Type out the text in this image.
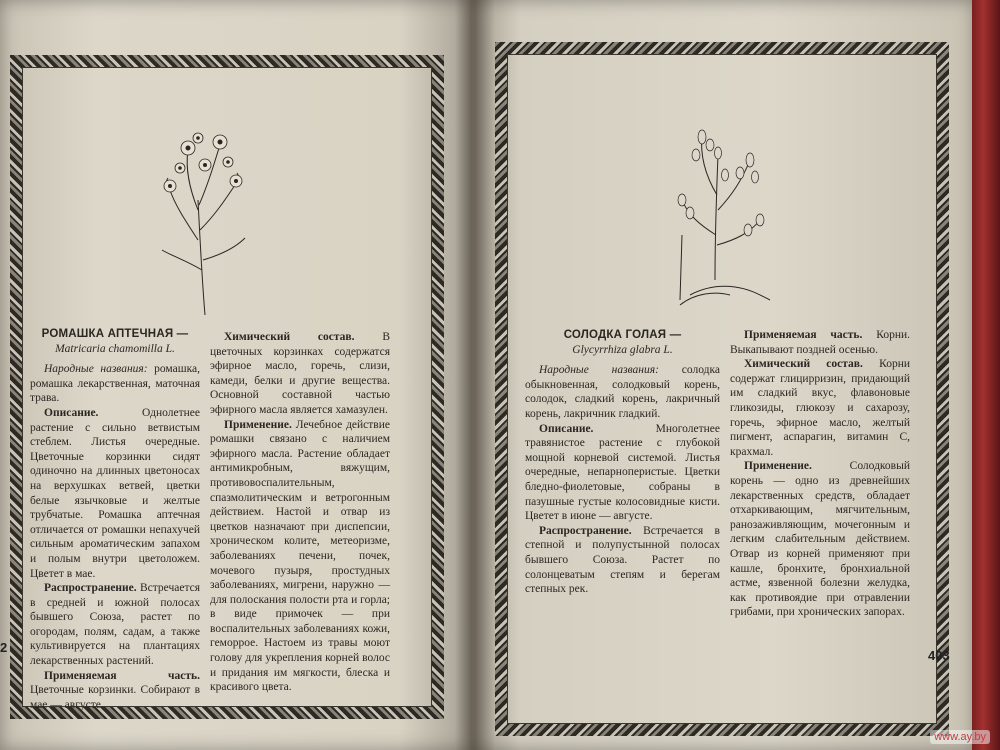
РОМАШКА АПТЕЧНАЯ —

Matricaria chamomilla L.

Народные названия: ромашка, ромашка лекарственная, маточная трава.

Описание. Однолетнее растение с сильно ветвистым стеблем. Листья очередные. Цветочные корзинки сидят одиночно на длинных цветоносах на верхушках ветвей, цветки белые язычковые и желтые трубчатые. Ромашка аптечная отличается от ромашки непахучей сильным ароматическим запахом и полым внутри цветоложем. Цветет в мае.

Распространение. Встречается в средней и южной полосах бывшего Союза, растет по огородам, полям, садам, а также культивируется на плантациях лекарственных растений.

Применяемая часть. Цветочные корзинки. Собирают в мае — августе.

Химический состав. В цветочных корзинках содержатся эфирное масло, горечь, слизи, камеди, белки и другие вещества. Основной составной частью эфирного масла является хамазулен.

Применение. Лечебное действие ромашки связано с наличием эфирного масла. Растение обладает антимикробным, вяжущим, противовоспалительным, спазмолитическим и ветрогонным действием. Настой и отвар из цветков назначают при диспепсии, хроническом колите, метеоризме, заболеваниях печени, почек, мочевого пузыря, простудных заболеваниях, мигрени, наружно — для полоскания полости рта и горла; в виде примочек — при воспалительных заболеваниях кожи, геморрое. Настоем из травы моют голову для укрепления корней волос и придания им мягкости, блеска и красивого цвета.

2

СОЛОДКА ГОЛАЯ —

Glycyrrhiza glabra L.

Народные названия: солодка обыкновенная, солодковый корень, солодок, сладкий корень, лакричный корень, лакричник гладкий.

Описание. Многолетнее травянистое растение с глубокой мощной корневой системой. Листья очередные, непарноперистые. Цветки бледно-фиолетовые, собраны в пазушные густые колосовидные кисти. Цветет в июне — августе.

Распространение. Встречается в степной и полупустынной полосах бывшего Союза. Растет по солонцеватым степям и берегам степных рек.

Применяемая часть. Корни. Выкапывают поздней осенью.

Химический состав. Корни содержат глицирризин, придающий им сладкий вкус, флавоновые гликозиды, глюкозу и сахарозу, горечь, эфирное масло, желтый пигмент, аспарагин, витамин С, крахмал.

Применение. Солодковый корень — одно из древнейших лекарственных средств, обладает отхаркивающим, мягчительным, ранозаживляющим, мочегонным и легким слабительным действием. Отвар из корней применяют при кашле, бронхите, бронхиальной астме, язвенной болезни желудка, как противоядие при отравлении грибами, при хронических запорах.

403
www.ay.by
